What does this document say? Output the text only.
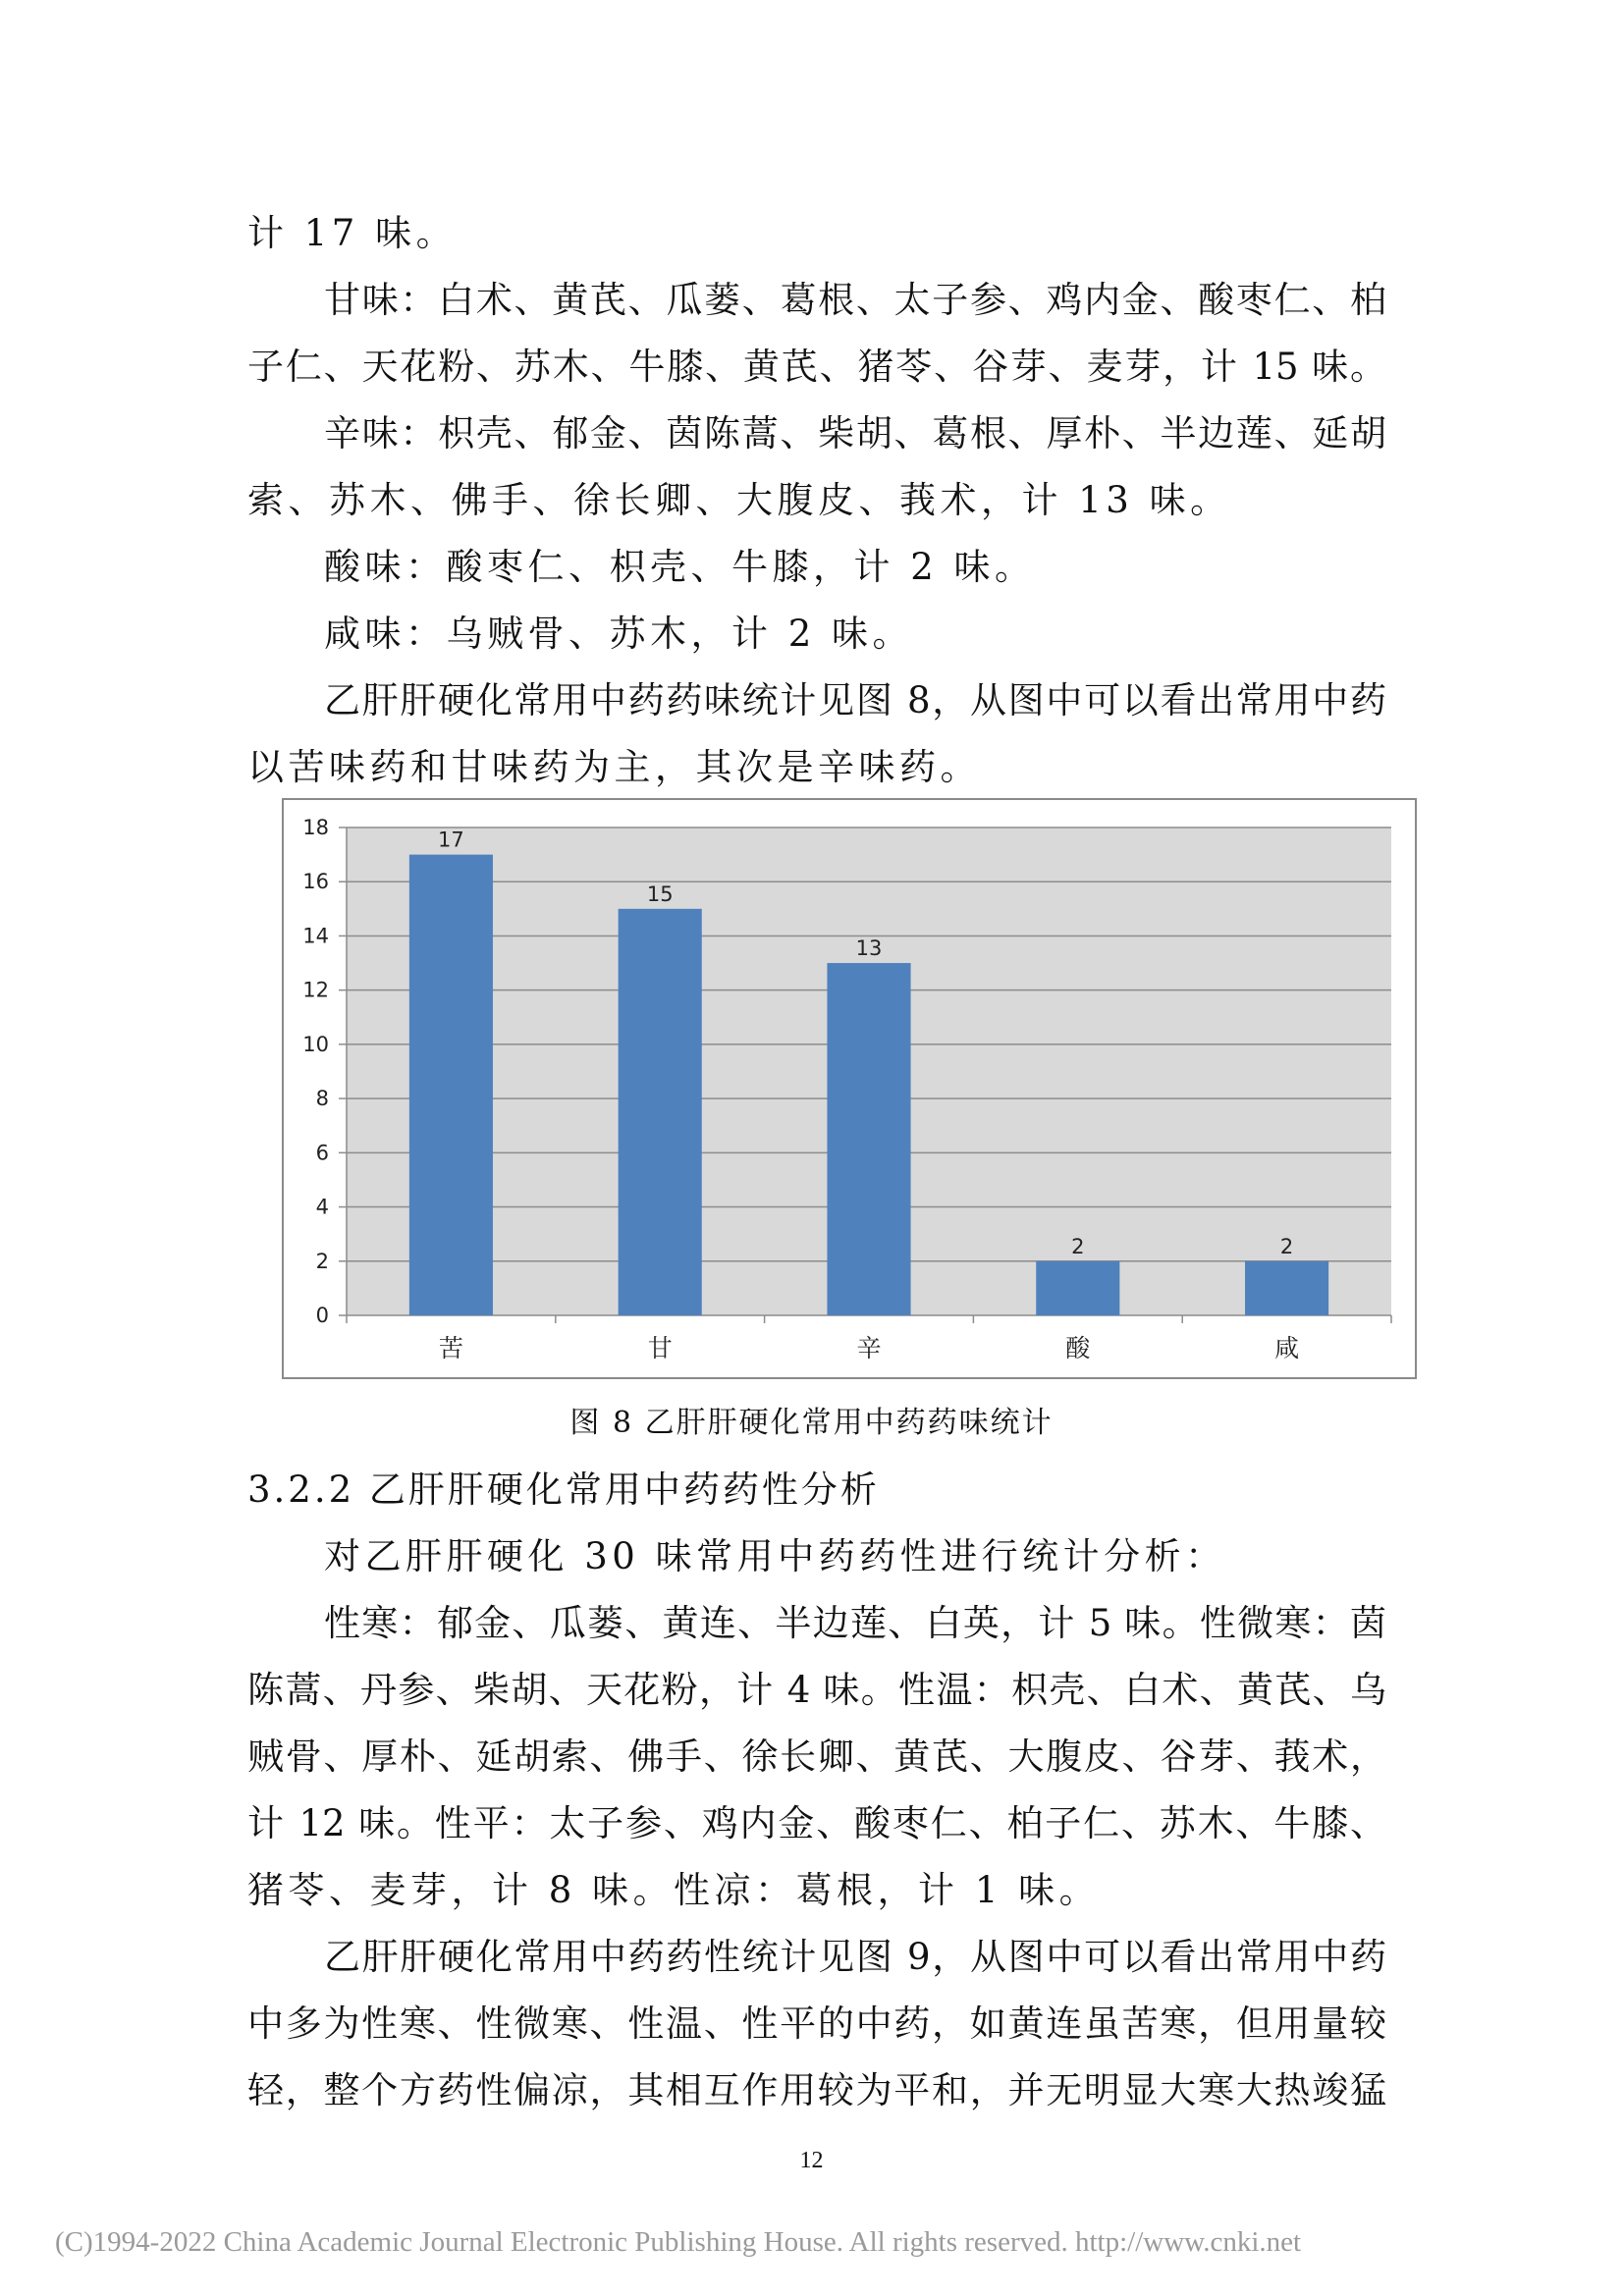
计 17 味。
甘味：白术、黄芪、瓜蒌、葛根、太子参、鸡内金、酸枣仁、柏
子仁、天花粉、苏木、牛膝、黄芪、猪苓、谷芽、麦芽，计 15 味。
辛味：枳壳、郁金、茵陈蒿、柴胡、葛根、厚朴、半边莲、延胡
索、苏木、佛手、徐长卿、大腹皮、莪术，计 13 味。
酸味：酸枣仁、枳壳、牛膝，计 2 味。
咸味：乌贼骨、苏木，计 2 味。
乙肝肝硬化常用中药药味统计见图 8，从图中可以看出常用中药
以苦味药和甘味药为主，其次是辛味药。
0
2
4
6
8
10
12
14
16
18
17
苦
15
甘
13
辛
2
酸
2
咸
图 8 乙肝肝硬化常用中药药味统计
3.2.2 乙肝肝硬化常用中药药性分析
对乙肝肝硬化 30 味常用中药药性进行统计分析：
性寒：郁金、瓜蒌、黄连、半边莲、白英，计 5 味。性微寒：茵
陈蒿、丹参、柴胡、天花粉，计 4 味。性温：枳壳、白术、黄芪、乌
贼骨、厚朴、延胡索、佛手、徐长卿、黄芪、大腹皮、谷芽、莪术，
计 12 味。性平：太子参、鸡内金、酸枣仁、柏子仁、苏木、牛膝、
猪苓、麦芽，计 8 味。性凉：葛根，计 1 味。
乙肝肝硬化常用中药药性统计见图 9，从图中可以看出常用中药
中多为性寒、性微寒、性温、性平的中药，如黄连虽苦寒，但用量较
轻，整个方药性偏凉，其相互作用较为平和，并无明显大寒大热竣猛
12
(C)1994-2022 China Academic Journal Electronic Publishing House. All rights reserved. http://www.cnki.net
